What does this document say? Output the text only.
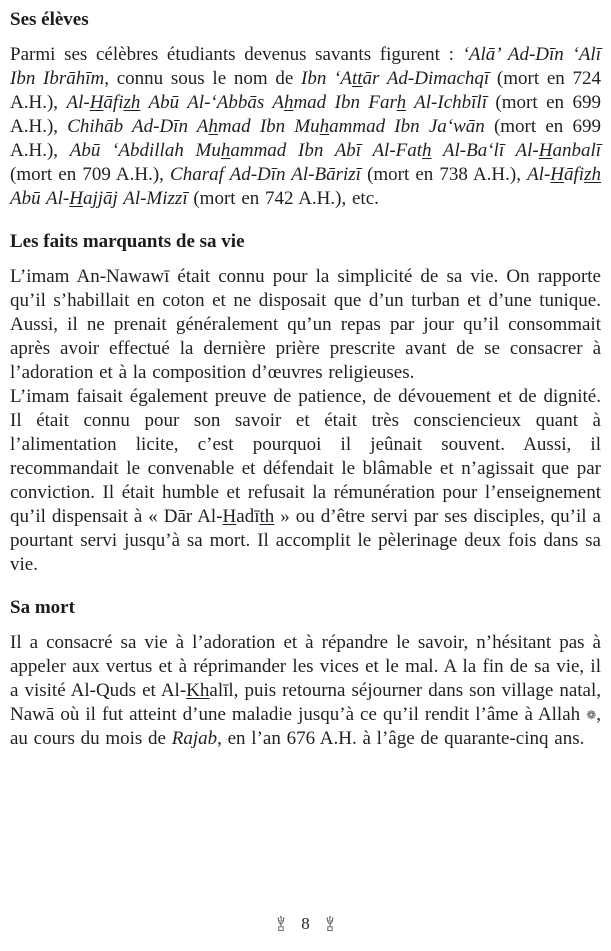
Ses élèves

Parmi ses célèbres étudiants devenus savants figurent : ‘Alā’ Ad-Dīn ‘Alī Ibn Ibrāhīm, connu sous le nom de Ibn ‘Attār Ad-Dimachqī (mort en 724 A.H.), Al-Hāfizh Abū Al-‘Abbās Ahmad Ibn Farh Al-Ichbīlī (mort en 699 A.H.), Chihāb Ad-Dīn Ahmad Ibn Muhammad Ibn Ja‘wān (mort en 699 A.H.), Abū ‘Abdillah Muhammad Ibn Abī Al-Fath Al-Ba‘lī Al-Hanbalī (mort en 709 A.H.), Charaf Ad-Dīn Al-Bārizī (mort en 738 A.H.), Al-Hāfizh Abū Al-Hajjāj Al-Mizzī (mort en 742 A.H.), etc.

Les faits marquants de sa vie

L’imam An-Nawawī était connu pour la simplicité de sa vie. On rapporte qu’il s’habillait en coton et ne disposait que d’un turban et d’une tunique. Aussi, il ne prenait généralement qu’un repas par jour qu’il consommait après avoir effectué la dernière prière prescrite avant de se consacrer à l’adoration et à la composition d’œuvres religieuses.

L’imam faisait également preuve de patience, de dévouement et de dignité. Il était connu pour son savoir et était très consciencieux quant à l’alimentation licite, c’est pourquoi il jeûnait souvent. Aussi, il recommandait le convenable et défendait le blâmable et n’agissait que par conviction. Il était humble et refusait la rémunération pour l’enseignement qu’il dispensait à « Dār Al-Hadīth » ou d’être servi par ses disciples, qu’il a pourtant servi jusqu’à sa mort. Il accomplit le pèlerinage deux fois dans sa vie.

Sa mort

Il a consacré sa vie à l’adoration et à répandre le savoir, n’hésitant pas à appeler aux vertus et à réprimander les vices et le mal. A la fin de sa vie, il a visité Al-Quds et Al-Khalīl, puis retourna séjourner dans son village natal, Nawā où il fut atteint d’une maladie jusqu’à ce qu’il rendit l’âme à Allah ❁, au cours du mois de Rajab, en l’an 676 A.H. à l’âge de quarante-cinq ans.

8
